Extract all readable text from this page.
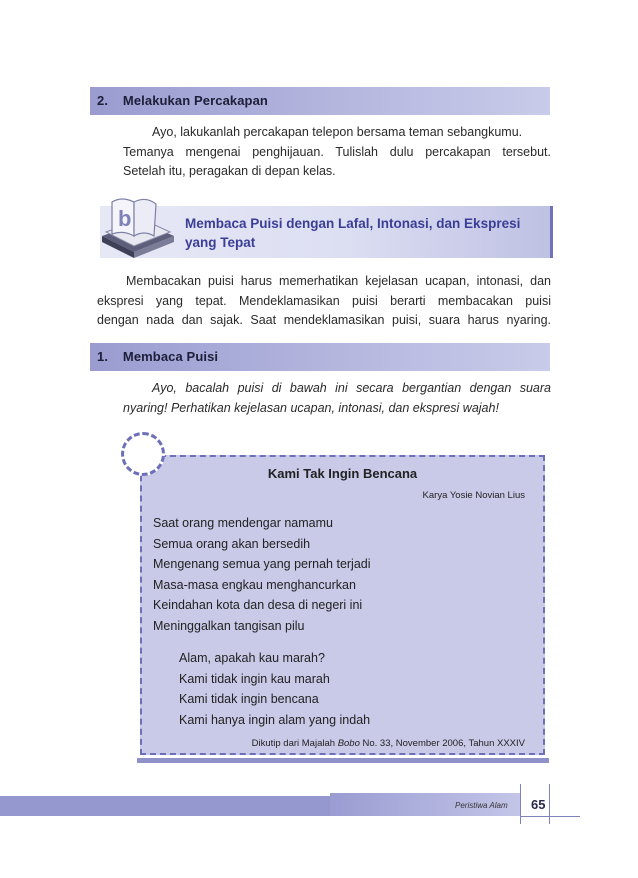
2.    Melakukan Percakapan

Ayo, lakukanlah percakapan telepon bersama teman sebangkumu.

Temanya mengenai penghijauan. Tulislah dulu percakapan tersebut.

Setelah itu, peragakan di depan kelas.

b	Membaca Puisi dengan Lafal, Intonasi, dan Ekspresi
yang Tepat

Membacakan puisi harus memerhatikan kejelasan ucapan, intonasi, dan

ekspresi yang tepat. Mendeklamasikan puisi berarti membacakan puisi

dengan nada dan sajak. Saat mendeklamasikan puisi, suara harus nyaring.

1.    Membaca Puisi

Ayo, bacalah puisi di bawah ini secara bergantian dengan suara

nyaring! Perhatikan kejelasan ucapan, intonasi, dan ekspresi wajah!

Kami Tak Ingin Bencana
Karya Yosie Novian Lius
Saat orang mendengar namamu
Semua orang akan bersedih
Mengenang semua yang pernah terjadi
Masa-masa engkau menghancurkan
Keindahan kota dan desa di negeri ini
Meninggalkan tangisan pilu
Alam, apakah kau marah?
Kami tidak ingin kau marah
Kami tidak ingin bencana
Kami hanya ingin alam yang indah
Dikutip dari Majalah Bobo No. 33, November 2006, Tahun XXXIV
Peristiwa Alam 65
